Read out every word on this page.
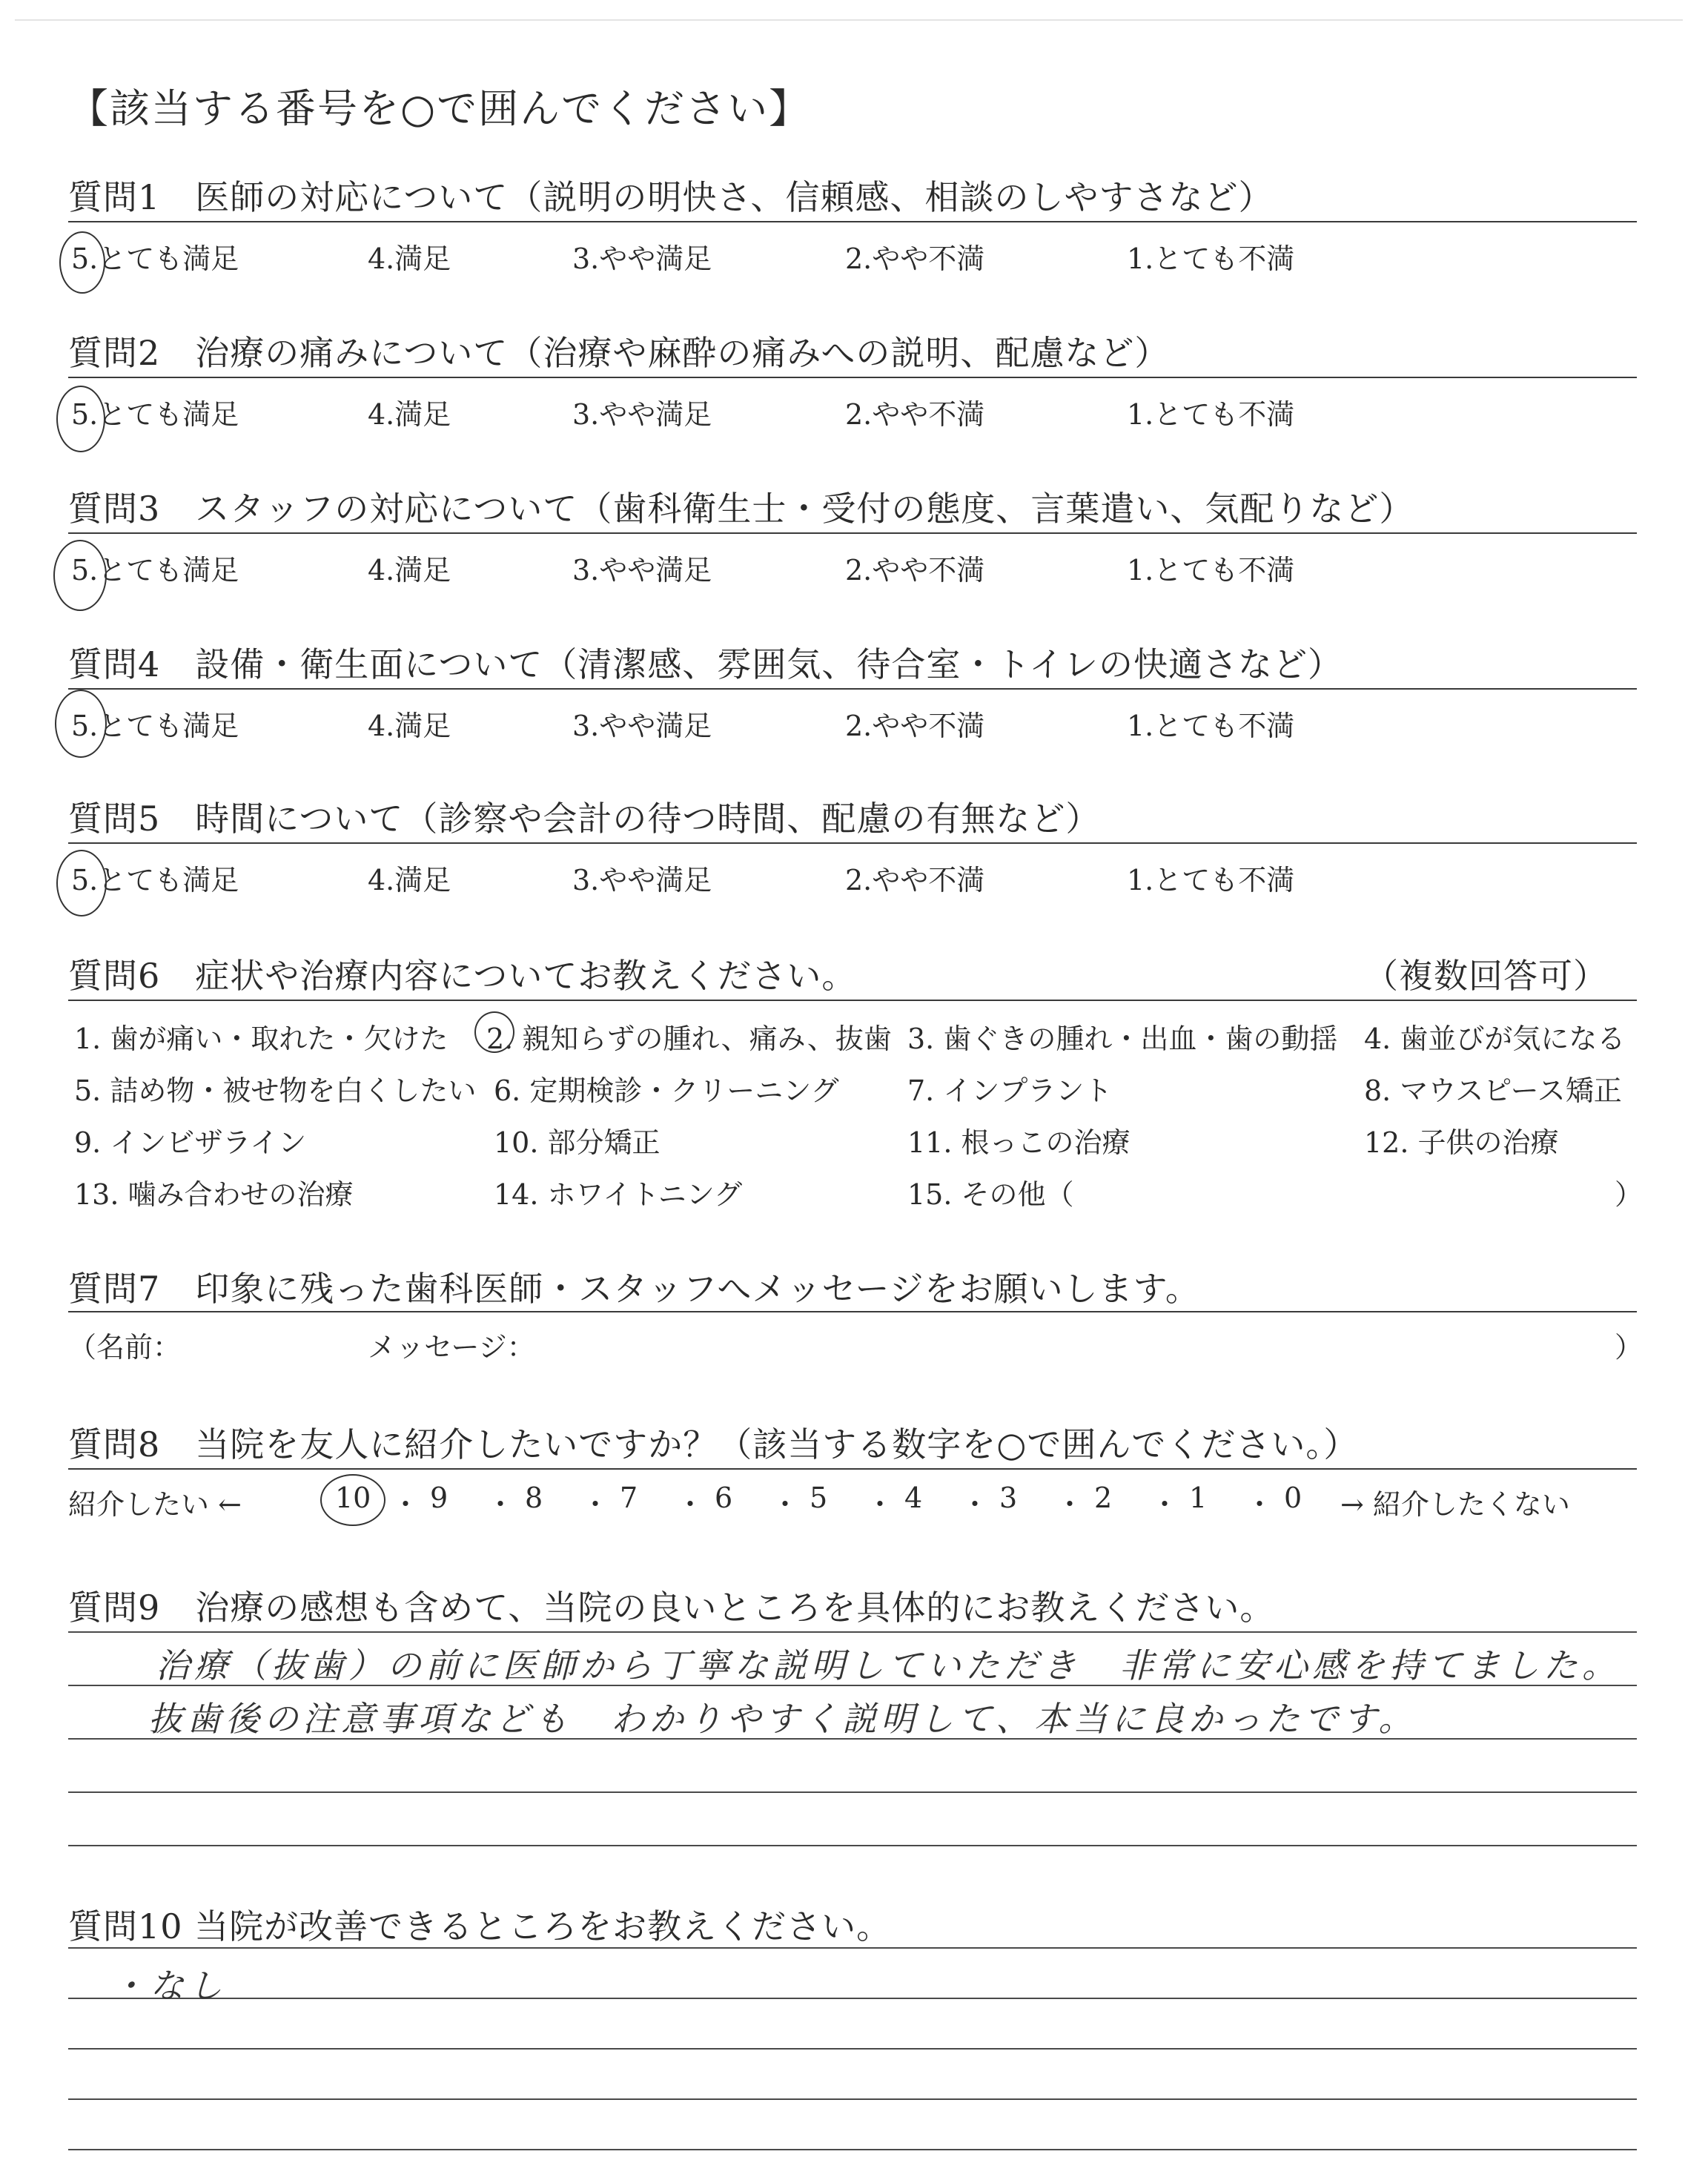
【該当する番号を○で囲んでください】
質問1　医師の対応について（説明の明快さ、信頼感、相談のしやすさなど）
5.とても満足	4.満足	3.やや満足	2.やや不満	1.とても不満
質問2　治療の痛みについて（治療や麻酔の痛みへの説明、配慮など）
5.とても満足	4.満足	3.やや満足	2.やや不満	1.とても不満
質問3　スタッフの対応について（歯科衛生士・受付の態度、言葉遣い、気配りなど）
5.とても満足	4.満足	3.やや満足	2.やや不満	1.とても不満
質問4　設備・衛生面について（清潔感、雰囲気、待合室・トイレの快適さなど）
5.とても満足	4.満足	3.やや満足	2.やや不満	1.とても不満
質問5　時間について（診察や会計の待つ時間、配慮の有無など）
5.とても満足	4.満足	3.やや満足	2.やや不満	1.とても不満
質問6　症状や治療内容についてお教えください。	（複数回答可）
1. 歯が痛い・取れた・欠けた 2. 親知らずの腫れ、痛み、抜歯 3. 歯ぐきの腫れ・出血・歯の動揺 4. 歯並びが気になる
5. 詰め物・被せ物を白くしたい 6. 定期検診・クリーニング 7. インプラント	8. マウスピース矯正
9. インビザライン	10. 部分矯正	11. 根っこの治療	12. 子供の治療
13. 噛み合わせの治療	14. ホワイトニング	15. その他（	）
質問7　印象に残った歯科医師・スタッフへメッセージをお願いします。
（名前：	メッセージ：	）
質問8　当院を友人に紹介したいですか？（該当する数字を○で囲んでください。）
紹介したい ←	10 ・ 9 ・ 8 ・ 7 ・ 6 ・ 5 ・ 4 ・ 3 ・ 2 ・ 1 ・ 0 → 紹介したくない
質問9　治療の感想も含めて、当院の良いところを具体的にお教えください。
治療（抜歯）の前に医師から丁寧な説明していただき　非常に安心感を持てました。
抜歯後の注意事項なども　わかりやすく説明して、本当に良かったです。
質問10 当院が改善できるところをお教えください。
・なし
